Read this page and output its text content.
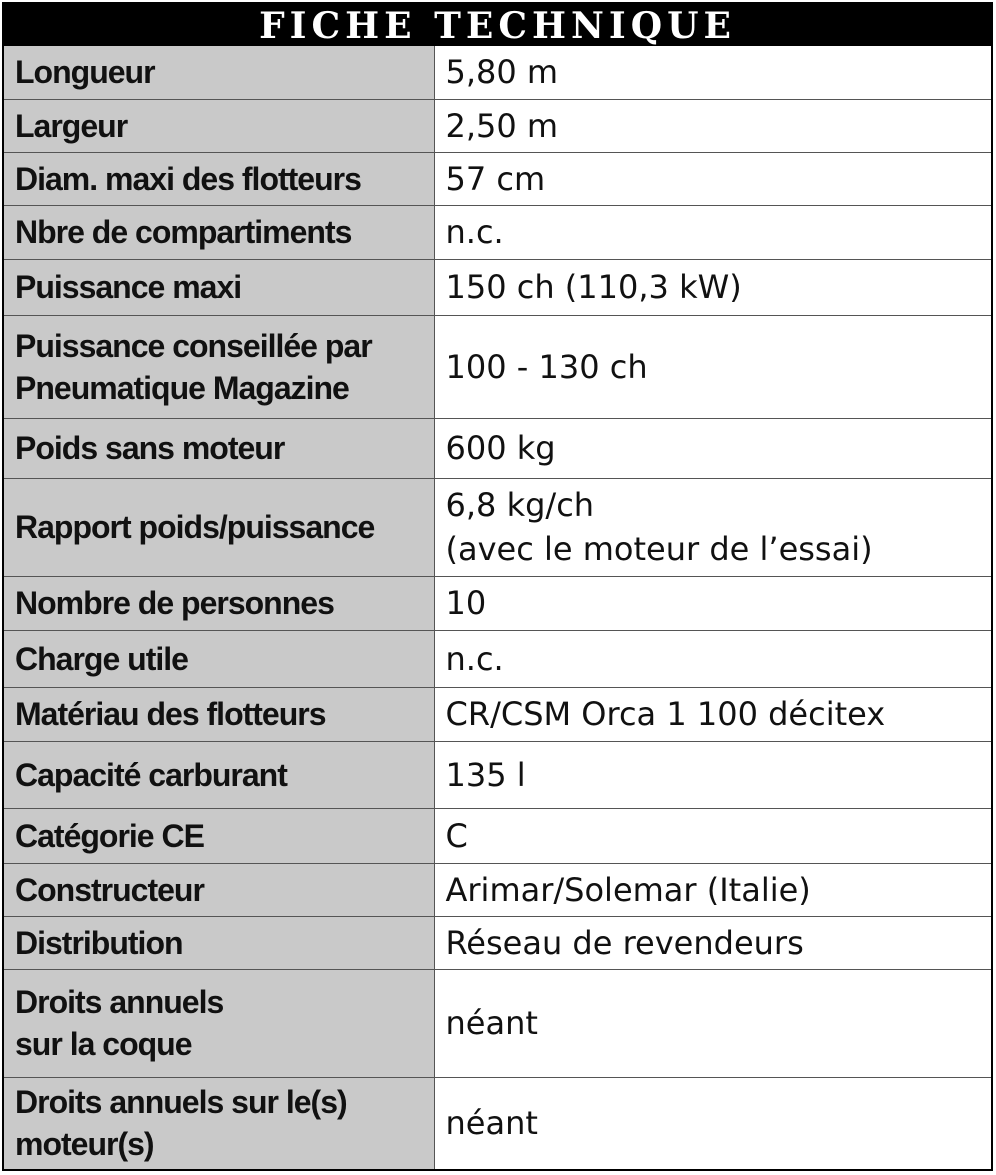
FICHE TECHNIQUE
Longueur	5,80 m
Largeur	2,50 m
Diam. maxi des flotteurs	57 cm
Nbre de compartiments	n.c.
Puissance maxi	150 ch (110,3 kW)
Puissance conseillée par
Pneumatique Magazine	100 - 130 ch
Poids sans moteur	600 kg
Rapport poids/puissance	6,8 kg/ch
(avec le moteur de l’essai)
Nombre de personnes	10
Charge utile	n.c.
Matériau des flotteurs	CR/CSM Orca 1 100 décitex
Capacité carburant	135 l
Catégorie CE	C
Constructeur	Arimar/Solemar (Italie)
Distribution	Réseau de revendeurs
Droits annuels
sur la coque	néant
Droits annuels sur le(s)
moteur(s)	néant
